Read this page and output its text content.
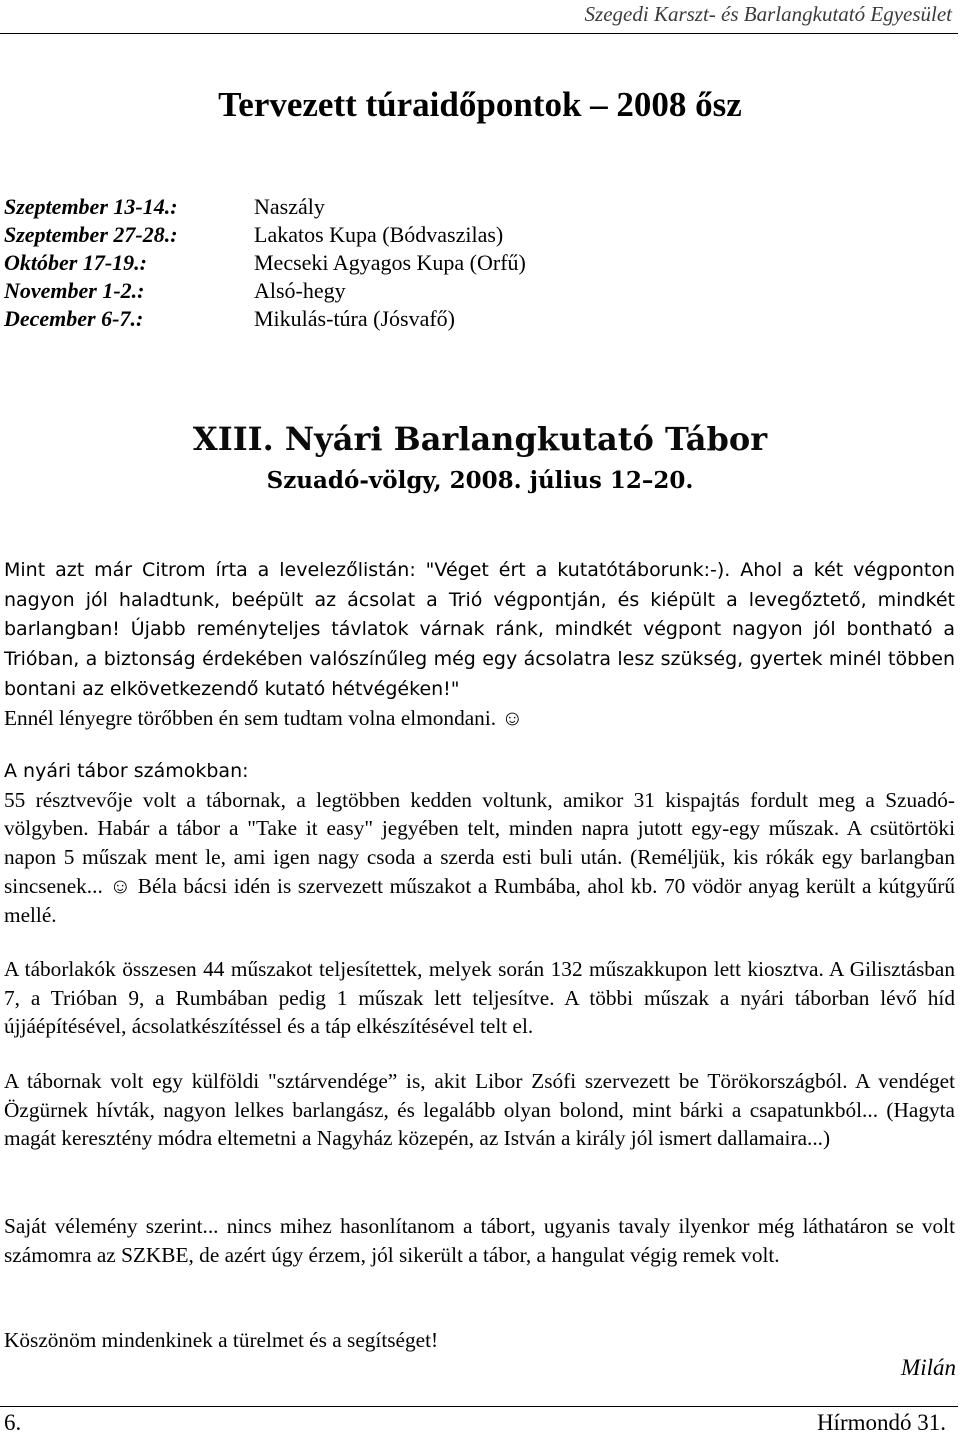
Szegedi Karszt- és Barlangkutató Egyesület
Tervezett túraidőpontok – 2008 ősz
Szeptember 13-14.:	Naszály
Szeptember 27-28.:	Lakatos Kupa (Bódvaszilas)
Október 17-19.:	Mecseki Agyagos Kupa (Orfű)
November 1-2.:	Alsó-hegy
December 6-7.:	Mikulás-túra (Jósvafő)
XIII. Nyári Barlangkutató Tábor
Szuadó-völgy, 2008. július 12–20.

Mint azt már Citrom írta a levelezőlistán: "Véget ért a kutatótáborunk:-). Ahol a két végponton nagyon jól haladtunk, beépült az ácsolat a Trió végpontján, és kiépült a levegőztető, mindkét barlangban! Újabb reményteljes távlatok várnak ránk, mindkét végpont nagyon jól bontható a Trióban, a biztonság érdekében valószínűleg még egy ácsolatra lesz szükség, gyertek minél többen bontani az elkövetkezendő kutató hétvégéken!"

Ennél lényegre törőbben én sem tudtam volna elmondani. ☺

A nyári tábor számokban:

55 résztvevője volt a tábornak, a legtöbben kedden voltunk, amikor 31 kispajtás fordult meg a Szuadó-völgyben. Habár a tábor a "Take it easy" jegyében telt, minden napra jutott egy-egy műszak. A csütörtöki napon 5 műszak ment le, ami igen nagy csoda a szerda esti buli után. (Reméljük, kis rókák egy barlangban sincsenek... ☺ Béla bácsi idén is szervezett műszakot a Rumbába, ahol kb. 70 vödör anyag került a kútgyűrű mellé.

A táborlakók összesen 44 műszakot teljesítettek, melyek során 132 műszakkupon lett kiosztva. A Gilisztásban 7, a Trióban 9, a Rumbában pedig 1 műszak lett teljesítve. A többi műszak a nyári táborban lévő híd újjáépítésével, ácsolatkészítéssel és a táp elkészítésével telt el.

A tábornak volt egy külföldi "sztárvendége” is, akit Libor Zsófi szervezett be Törökországból. A vendéget Özgürnek hívták, nagyon lelkes barlangász, és legalább olyan bolond, mint bárki a csapatunkból... (Hagyta magát keresztény módra eltemetni a Nagyház közepén, az István a király jól ismert dallamaira...)

Saját vélemény szerint... nincs mihez hasonlítanom a tábort, ugyanis tavaly ilyenkor még láthatáron se volt számomra az SZKBE, de azért úgy érzem, jól sikerült a tábor, a hangulat végig remek volt.

Köszönöm mindenkinek a türelmet és a segítséget!

Milán
6.	Hírmondó 31.
